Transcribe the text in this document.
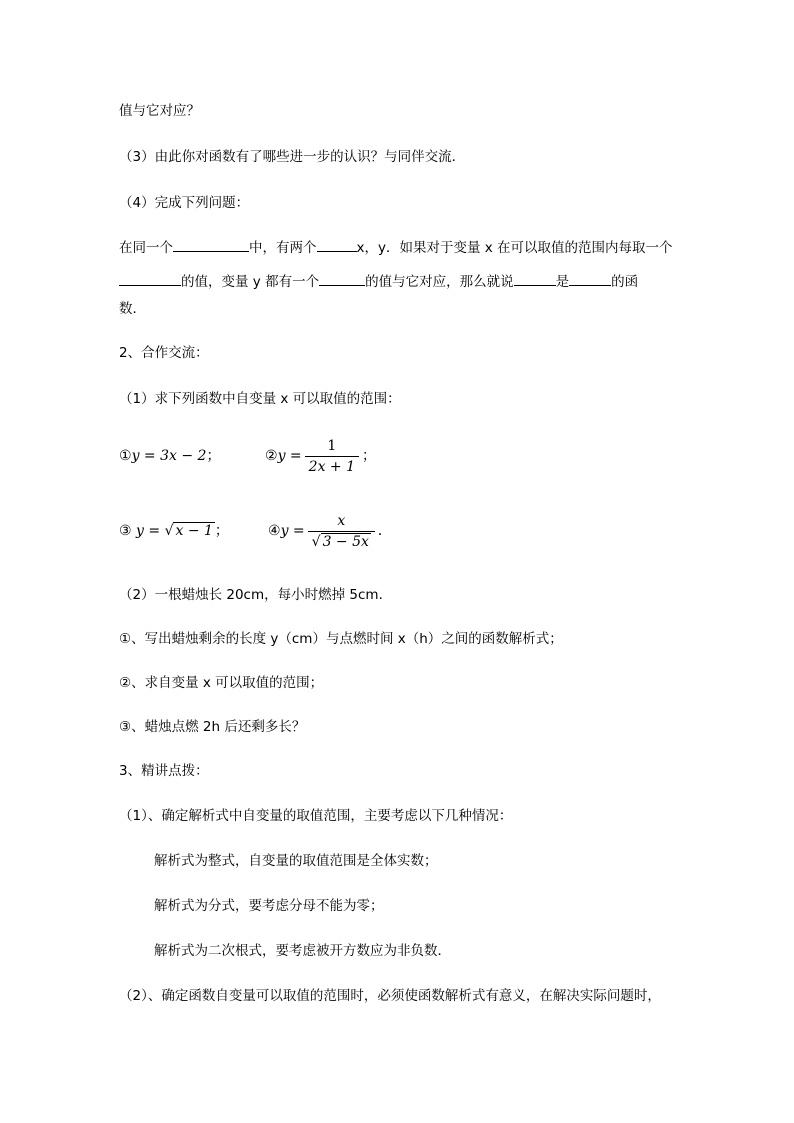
值与它对应？
（3）由此你对函数有了哪些进一步的认识？与同伴交流．
（4）完成下列问题：
在同一个	中，有两个	x，y．如果对于变量 x 在可以取值的范围内每取一个
的值，变量 y 都有一个	的值与它对应，那么就说	是	的函
数．
2、合作交流：
（1）求下列函数中自变量 x 可以取值的范围：
①y = 3x − 2；	② $y = \frac{1}{2x + 1}$ ；
③ y = √ x − 1 ；	④ $y = \frac{x}{√ 3 - 5x}$ ．
（2）一根蜡烛长 20cm，每小时燃掉 5cm．
①、写出蜡烛剩余的长度 y（cm）与点燃时间 x（h）之间的函数解析式；
②、求自变量 x 可以取值的范围；
③、蜡烛点燃 2h 后还剩多长？
3、精讲点拨：
（1）、确定解析式中自变量的取值范围，主要考虑以下几种情况：
解析式为整式，自变量的取值范围是全体实数；
解析式为分式，要考虑分母不能为零；
解析式为二次根式，要考虑被开方数应为非负数．
（2）、确定函数自变量可以取值的范围时，必须使函数解析式有意义，在解决实际问题时，
